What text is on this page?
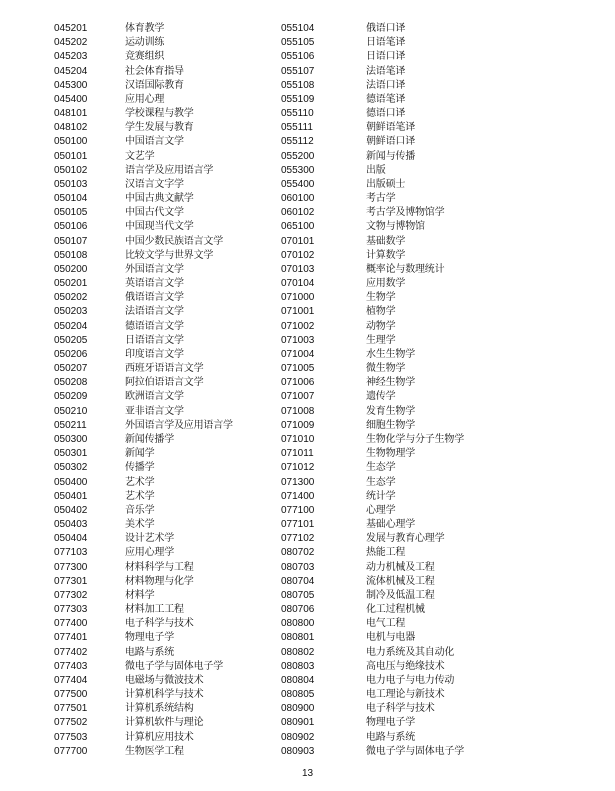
045201	体育教学
045202	运动训练
045203	竞赛组织
045204	社会体育指导
045300	汉语国际教育
045400	应用心理
048101	学校课程与教学
048102	学生发展与教育
050100	中国语言文学
050101	文艺学
050102	语言学及应用语言学
050103	汉语言文字学
050104	中国古典文献学
050105	中国古代文学
050106	中国现当代文学
050107	中国少数民族语言文学
050108	比较文学与世界文学
050200	外国语言文学
050201	英语语言文学
050202	俄语语言文学
050203	法语语言文学
050204	德语语言文学
050205	日语语言文学
050206	印度语言文学
050207	西班牙语语言文学
050208	阿拉伯语语言文学
050209	欧洲语言文学
050210	亚非语言文学
050211	外国语言学及应用语言学
050300	新闻传播学
050301	新闻学
050302	传播学
050400	艺术学
050401	艺术学
050402	音乐学
050403	美术学
050404	设计艺术学
077103	应用心理学
077300	材料科学与工程
077301	材料物理与化学
077302	材料学
077303	材料加工工程
077400	电子科学与技术
077401	物理电子学
077402	电路与系统
077403	微电子学与固体电子学
077404	电磁场与微波技术
077500	计算机科学与技术
077501	计算机系统结构
077502	计算机软件与理论
077503	计算机应用技术
077700	生物医学工程
055104	俄语口译
055105	日语笔译
055106	日语口译
055107	法语笔译
055108	法语口译
055109	德语笔译
055110	德语口译
055111	朝鲜语笔译
055112	朝鲜语口译
055200	新闻与传播
055300	出版
055400	出版硕士
060100	考古学
060102	考古学及博物馆学
065100	文物与博物馆
070101	基础数学
070102	计算数学
070103	概率论与数理统计
070104	应用数学
071000	生物学
071001	植物学
071002	动物学
071003	生理学
071004	水生生物学
071005	微生物学
071006	神经生物学
071007	遗传学
071008	发育生物学
071009	细胞生物学
071010	生物化学与分子生物学
071011	生物物理学
071012	生态学
071300	生态学
071400	统计学
077100	心理学
077101	基础心理学
077102	发展与教育心理学
080702	热能工程
080703	动力机械及工程
080704	流体机械及工程
080705	制冷及低温工程
080706	化工过程机械
080800	电气工程
080801	电机与电器
080802	电力系统及其自动化
080803	高电压与绝缘技术
080804	电力电子与电力传动
080805	电工理论与新技术
080900	电子科学与技术
080901	物理电子学
080902	电路与系统
080903	微电子学与固体电子学
13
